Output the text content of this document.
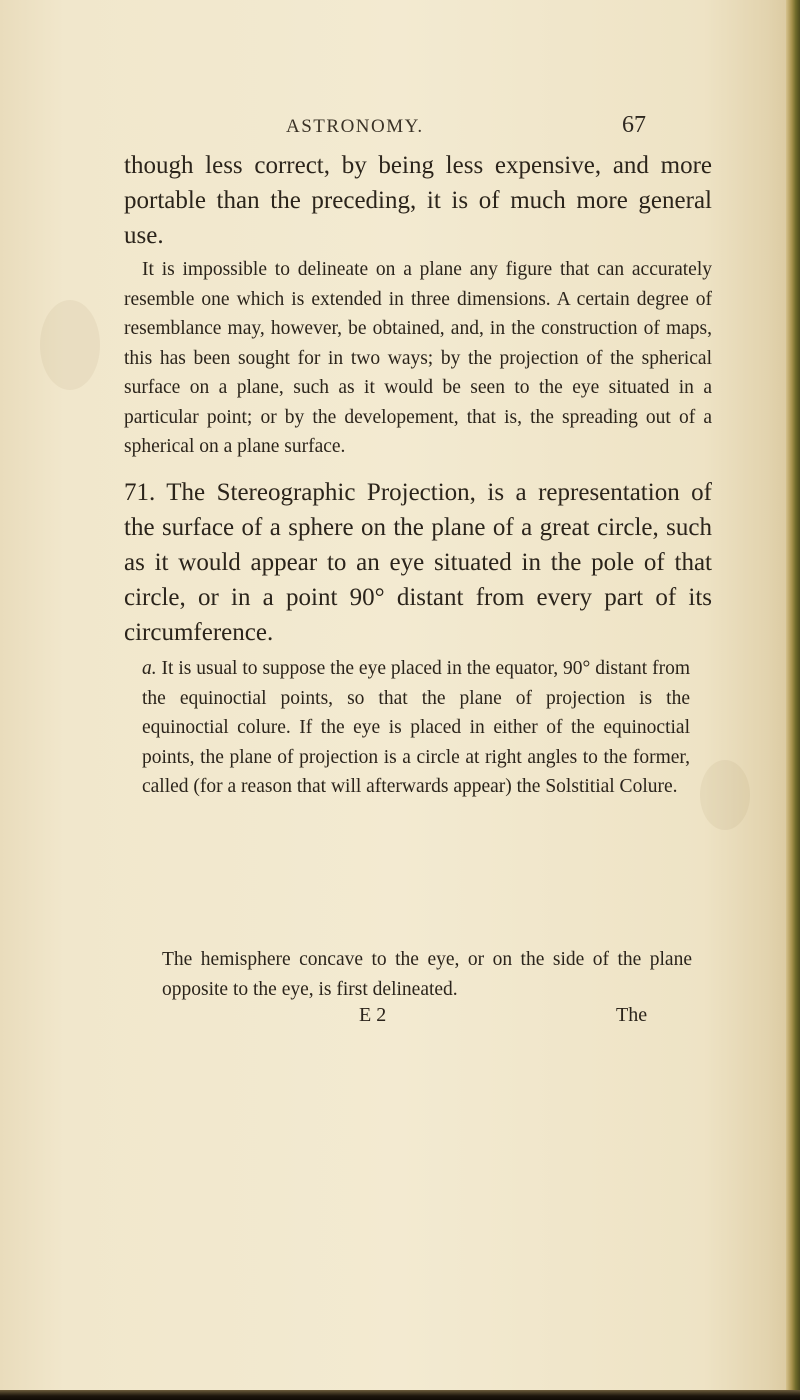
ASTRONOMY.	67

though less correct, by being less expensive, and more portable than the preceding, it is of much more general use.

It is impossible to delineate on a plane any figure that can accurately resemble one which is extended in three dimensions. A certain degree of resemblance may, however, be obtained, and, in the construction of maps, this has been sought for in two ways; by the projection of the spherical surface on a plane, such as it would be seen to the eye situated in a particular point; or by the developement, that is, the spreading out of a spherical on a plane surface.

71. The Stereographic Projection, is a representation of the surface of a sphere on the plane of a great circle, such as it would appear to an eye situated in the pole of that circle, or in a point 90° distant from every part of its circumference.

a. It is usual to suppose the eye placed in the equator, 90° distant from the equinoctial points, so that the plane of projection is the equinoctial colure. If the eye is placed in either of the equinoctial points, the plane of projection is a circle at right angles to the former, called (for a reason that will afterwards appear) the Solstitial Colure.

The hemisphere concave to the eye, or on the side of the plane opposite to the eye, is first delineated.

E 2	The
